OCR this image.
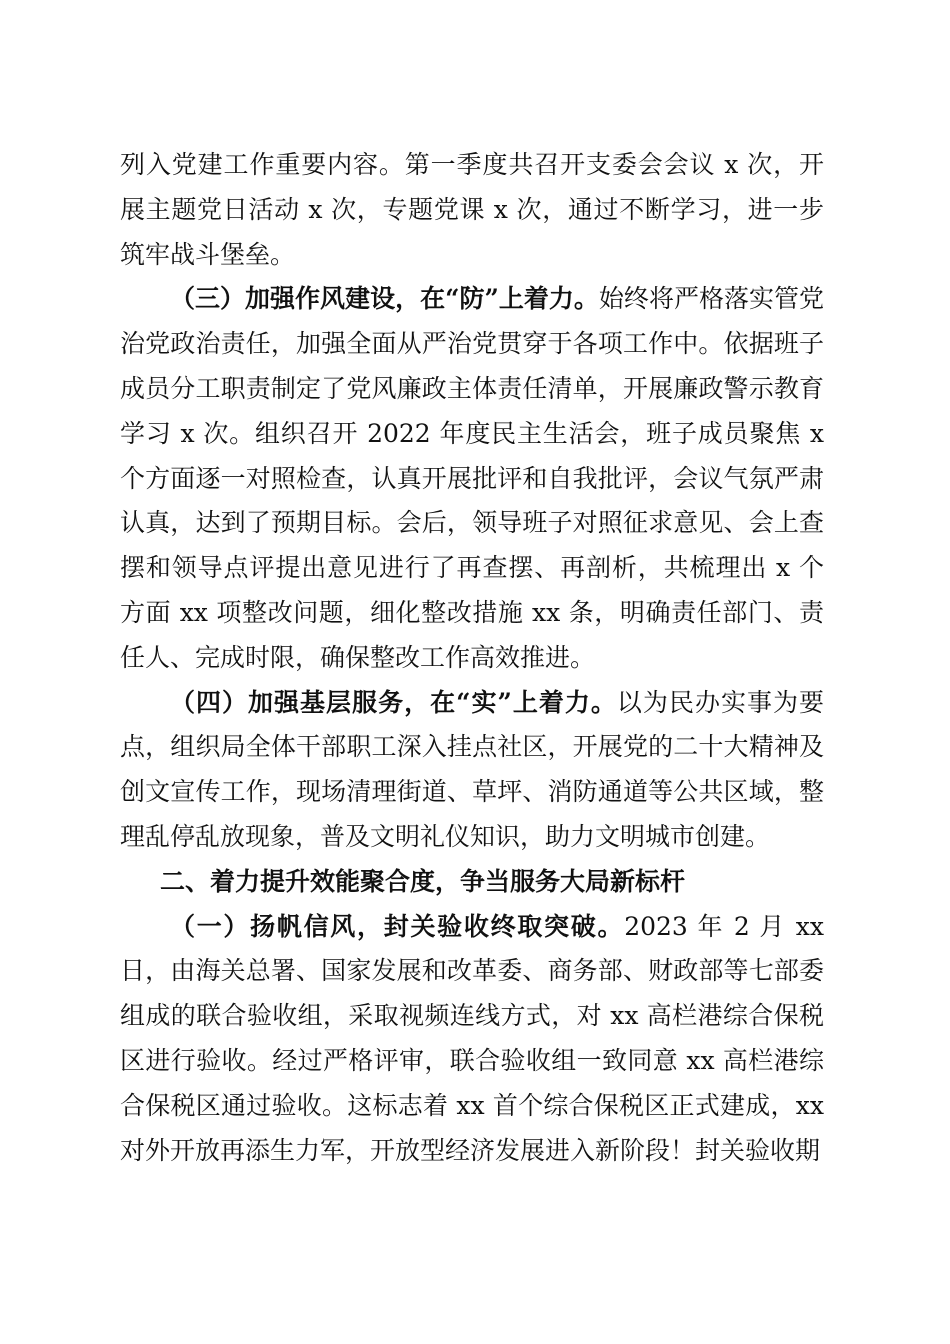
列入党建工作重要内容。第一季度共召开支委会会议 x 次，开展主题党日活动 x 次，专题党课 x 次，通过不断学习，进一步筑牢战斗堡垒。

（三）加强作风建设，在“防”上着力。始终将严格落实管党治党政治责任，加强全面从严治党贯穿于各项工作中。依据班子成员分工职责制定了党风廉政主体责任清单，开展廉政警示教育学习 x 次。组织召开 2022 年度民主生活会，班子成员聚焦 x 个方面逐一对照检查，认真开展批评和自我批评，会议气氛严肃认真，达到了预期目标。会后，领导班子对照征求意见、会上查摆和领导点评提出意见进行了再查摆、再剖析，共梳理出 x 个方面 xx 项整改问题，细化整改措施 xx 条，明确责任部门、责任人、完成时限，确保整改工作高效推进。

（四）加强基层服务，在“实”上着力。以为民办实事为要点，组织局全体干部职工深入挂点社区，开展党的二十大精神及创文宣传工作，现场清理街道、草坪、消防通道等公共区域，整理乱停乱放现象，普及文明礼仪知识，助力文明城市创建。

二、着力提升效能聚合度，争当服务大局新标杆

（一）扬帆信风，封关验收终取突破。2023 年 2 月 xx 日，由海关总署、国家发展和改革委、商务部、财政部等七部委组成的联合验收组，采取视频连线方式，对 xx 高栏港综合保税区进行验收。经过严格评审，联合验收组一致同意 xx 高栏港综合保税区通过验收。这标志着 xx 首个综合保税区正式建成，xx 对外开放再添生力军，开放型经济发展进入新阶段！封关验收期
